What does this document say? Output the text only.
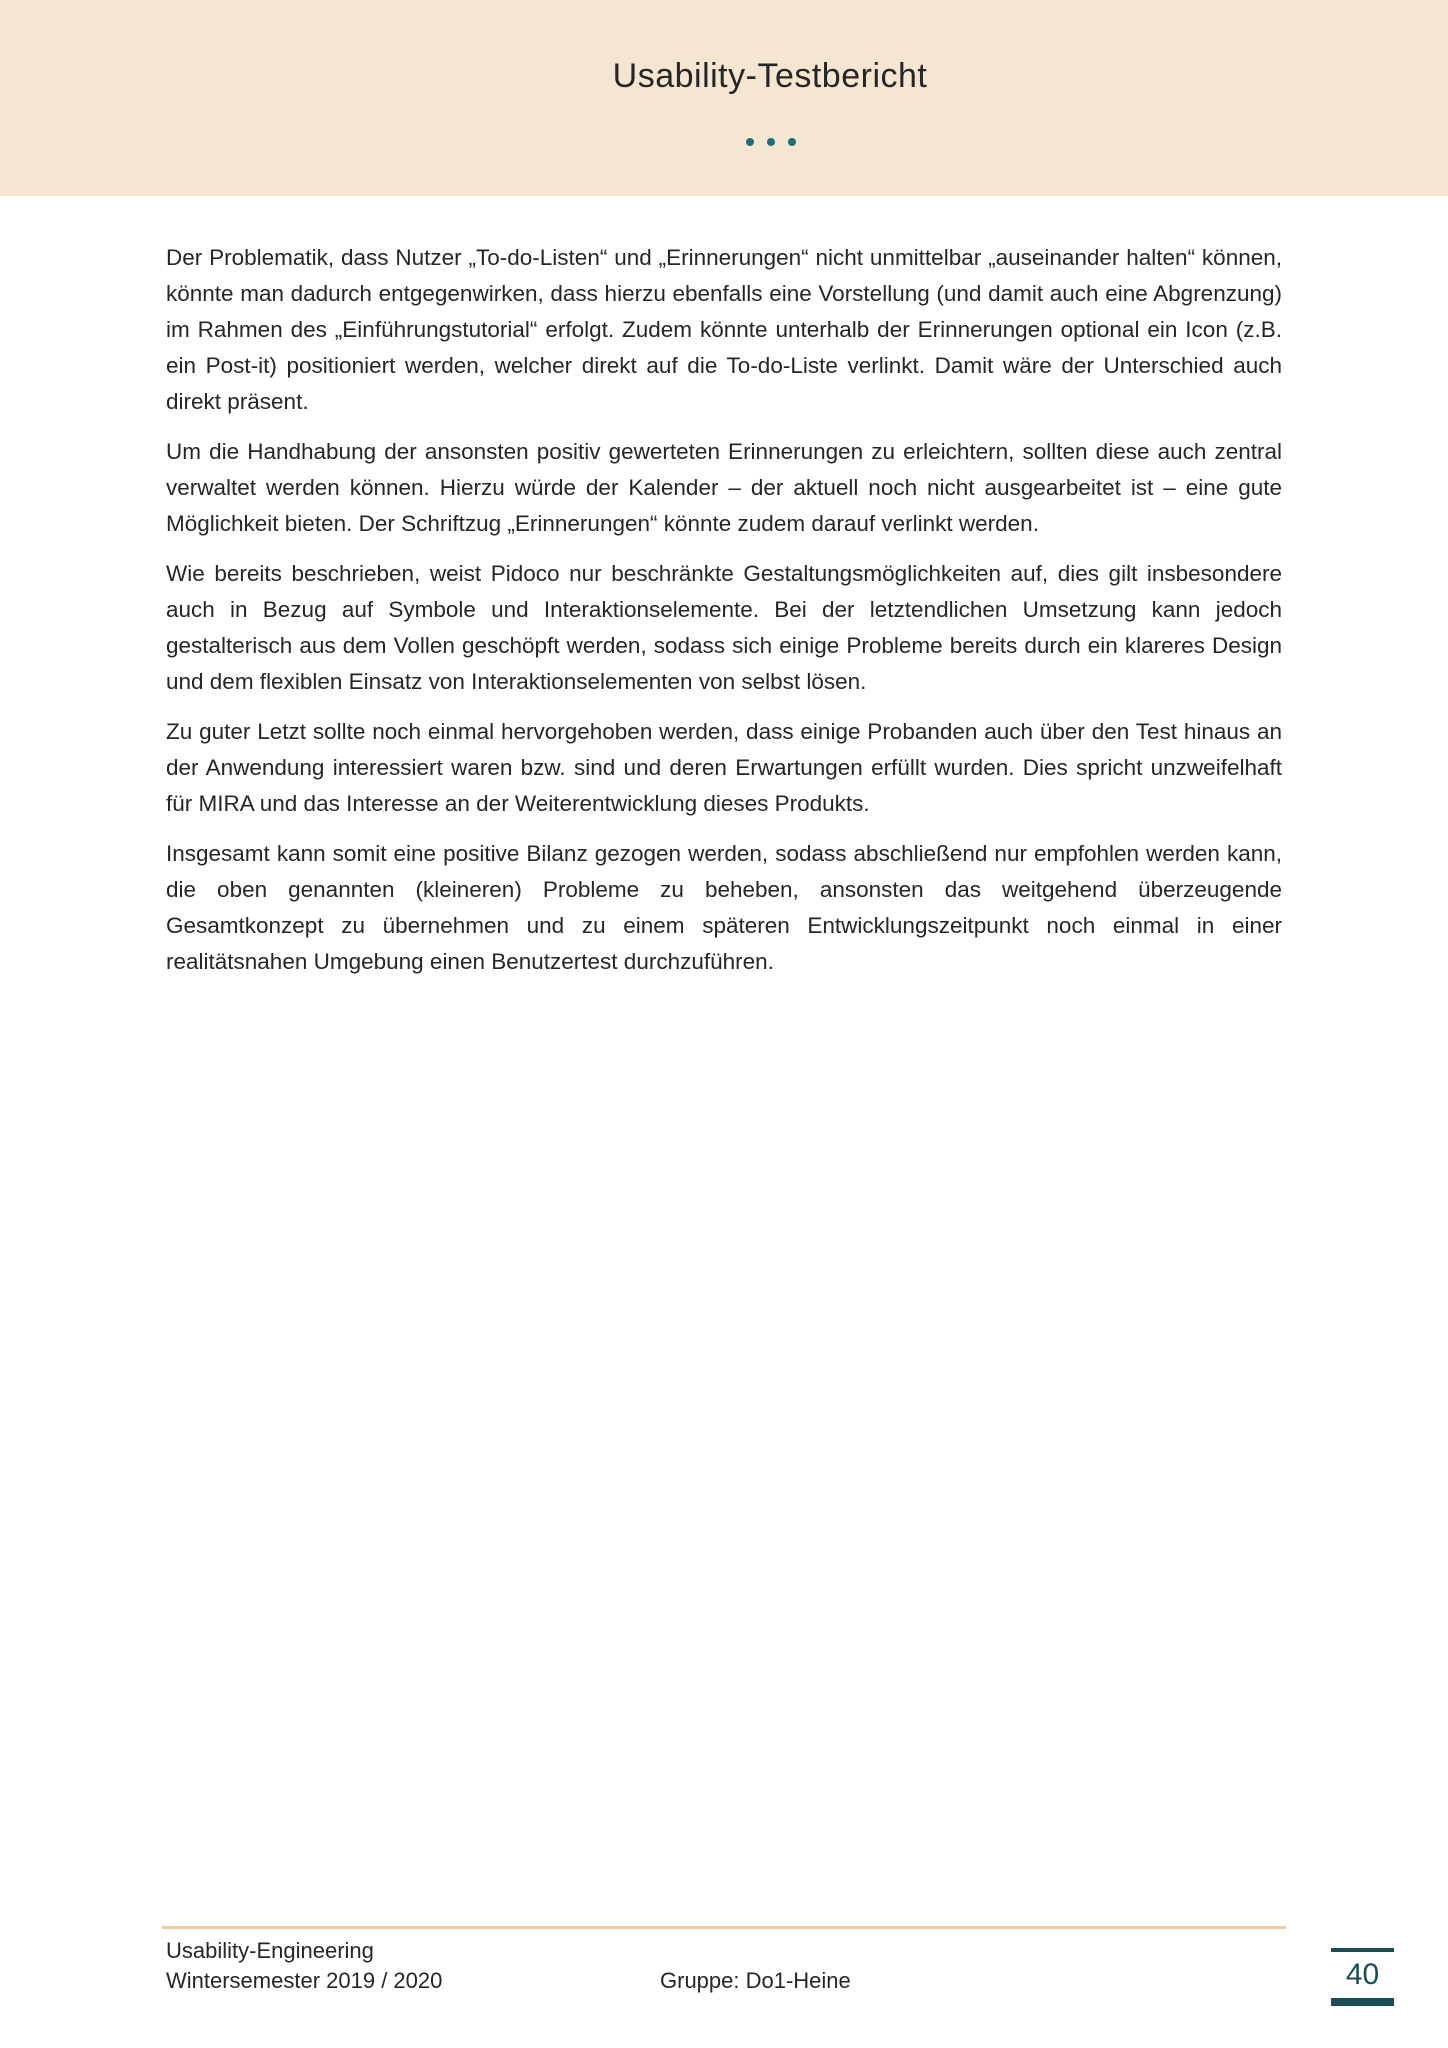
Usability-Testbericht

Der Problematik, dass Nutzer „To-do-Listen“ und „Erinnerungen“ nicht unmittelbar „auseinander halten“ können, könnte man dadurch entgegenwirken, dass hierzu ebenfalls eine Vorstellung (und damit auch eine Abgrenzung) im Rahmen des „Einführungstutorial“ erfolgt. Zudem könnte unterhalb der Erinnerungen optional ein Icon (z.B. ein Post-it) positioniert werden, welcher direkt auf die To-do-Liste verlinkt. Damit wäre der Unterschied auch direkt präsent.

Um die Handhabung der ansonsten positiv gewerteten Erinnerungen zu erleichtern, sollten diese auch zentral verwaltet werden können. Hierzu würde der Kalender – der aktuell noch nicht ausgearbeitet ist – eine gute Möglichkeit bieten. Der Schriftzug „Erinnerungen“ könnte zudem darauf verlinkt werden.

Wie bereits beschrieben, weist Pidoco nur beschränkte Gestaltungsmöglichkeiten auf, dies gilt insbesondere auch in Bezug auf Symbole und Interaktionselemente. Bei der letztendlichen Umsetzung kann jedoch gestalterisch aus dem Vollen geschöpft werden, sodass sich einige Probleme bereits durch ein klareres Design und dem flexiblen Einsatz von Interaktionselementen von selbst lösen.

Zu guter Letzt sollte noch einmal hervorgehoben werden, dass einige Probanden auch über den Test hinaus an der Anwendung interessiert waren bzw. sind und deren Erwartungen erfüllt wurden. Dies spricht unzweifelhaft für MIRA und das Interesse an der Weiterentwicklung dieses Produkts.

Insgesamt kann somit eine positive Bilanz gezogen werden, sodass abschließend nur empfohlen werden kann, die oben genannten (kleineren) Probleme zu beheben, ansonsten das weitgehend überzeugende Gesamtkonzept zu übernehmen und zu einem späteren Entwicklungszeitpunkt noch einmal in einer realitätsnahen Umgebung einen Benutzertest durchzuführen.

Usability-Engineering
Wintersemester 2019 / 2020	Gruppe: Do1-Heine	40
